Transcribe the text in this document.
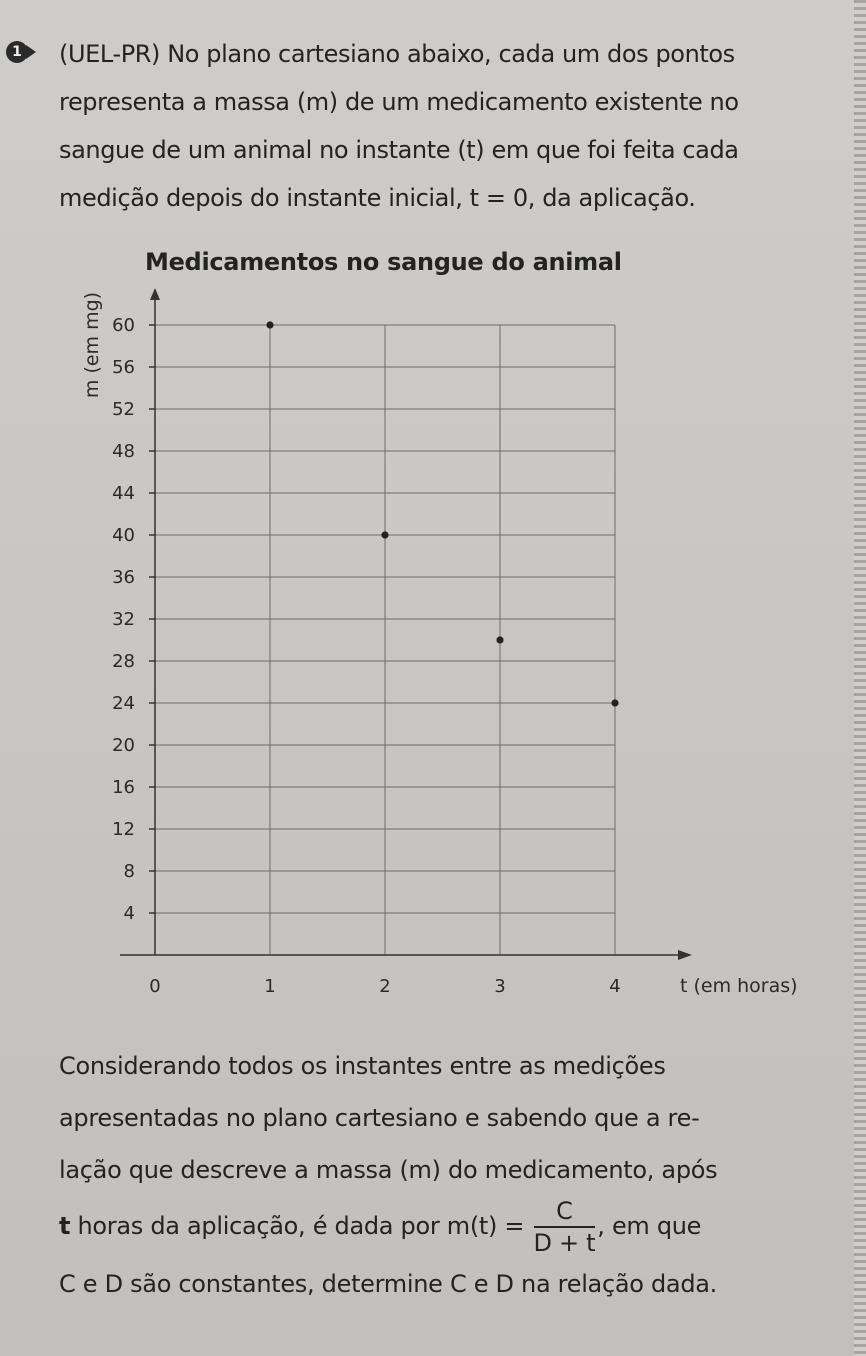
1 (UEL-PR) No plano cartesiano abaixo, cada um dos pontos
representa a massa (m) de um medicamento existente no
sangue de um animal no instante (t) em que foi feita cada
medição depois do instante inicial, t = 0, da aplicação.
Medicamentos no sangue do animal
4
8
12
16
20
24
28
32
36
40
44
48
52
56
60
0	1	2	3	4
m (em mg)
t (em horas)
Considerando todos os instantes entre as medições
apresentadas no plano cartesiano e sabendo que a re-
lação que descreve a massa (m) do medicamento, após
t horas da aplicação, é dada por $m(t) = \frac{C}{D + t}$ , em que
C e D são constantes, determine C e D na relação dada.
